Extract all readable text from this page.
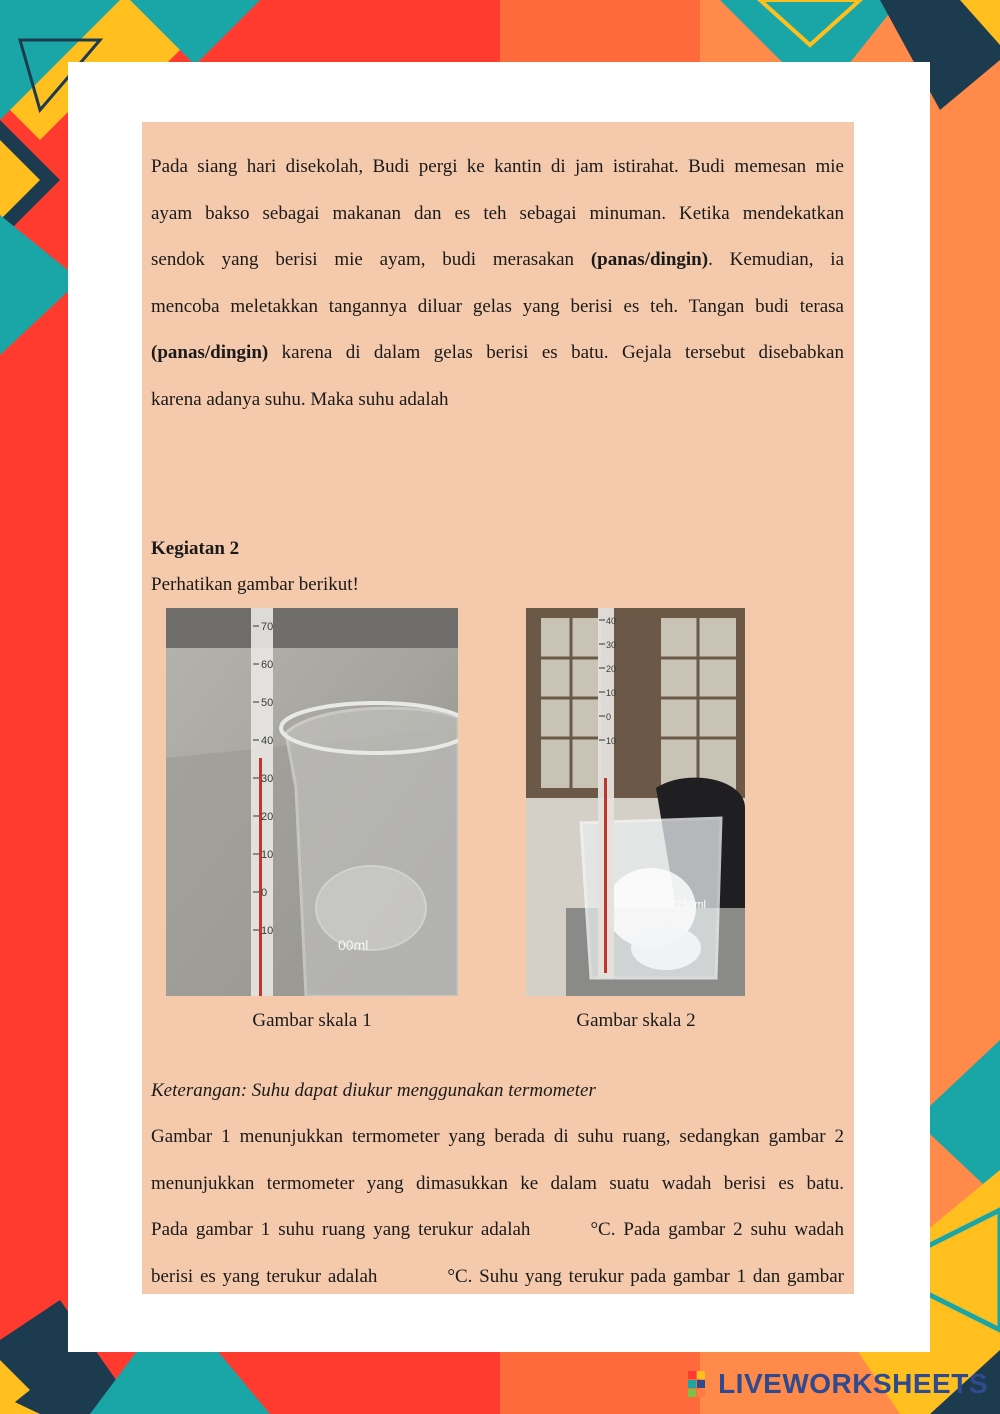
Pada siang hari disekolah, Budi pergi ke kantin di jam istirahat. Budi memesan mie
ayam bakso sebagai makanan dan es teh sebagai minuman. Ketika mendekatkan
sendok yang berisi mie ayam, budi merasakan (panas/dingin). Kemudian, ia
mencoba meletakkan tangannya diluar gelas yang berisi es teh. Tangan budi terasa
(panas/dingin) karena di dalam gelas berisi es batu. Gejala tersebut disebabkan
karena adanya suhu. Maka suhu adalah
Kegiatan 2
Perhatikan gambar berikut!
00ml
70
60
50
40
30
20
10
0
10
Gambar skala 1
250ml
40
30
20
10
0
10
Gambar skala 2
Keterangan: Suhu dapat diukur menggunakan termometer
Gambar 1 menunjukkan termometer yang berada di suhu ruang, sedangkan gambar 2
menunjukkan termometer yang dimasukkan ke dalam suatu wadah berisi es batu.
Pada gambar 1 suhu ruang yang terukur adalah	°C. Pada gambar 2 suhu wadah
berisi es yang terukur adalah	°C. Suhu yang terukur pada gambar 1 dan gambar
LIVEWORKSHEETS
